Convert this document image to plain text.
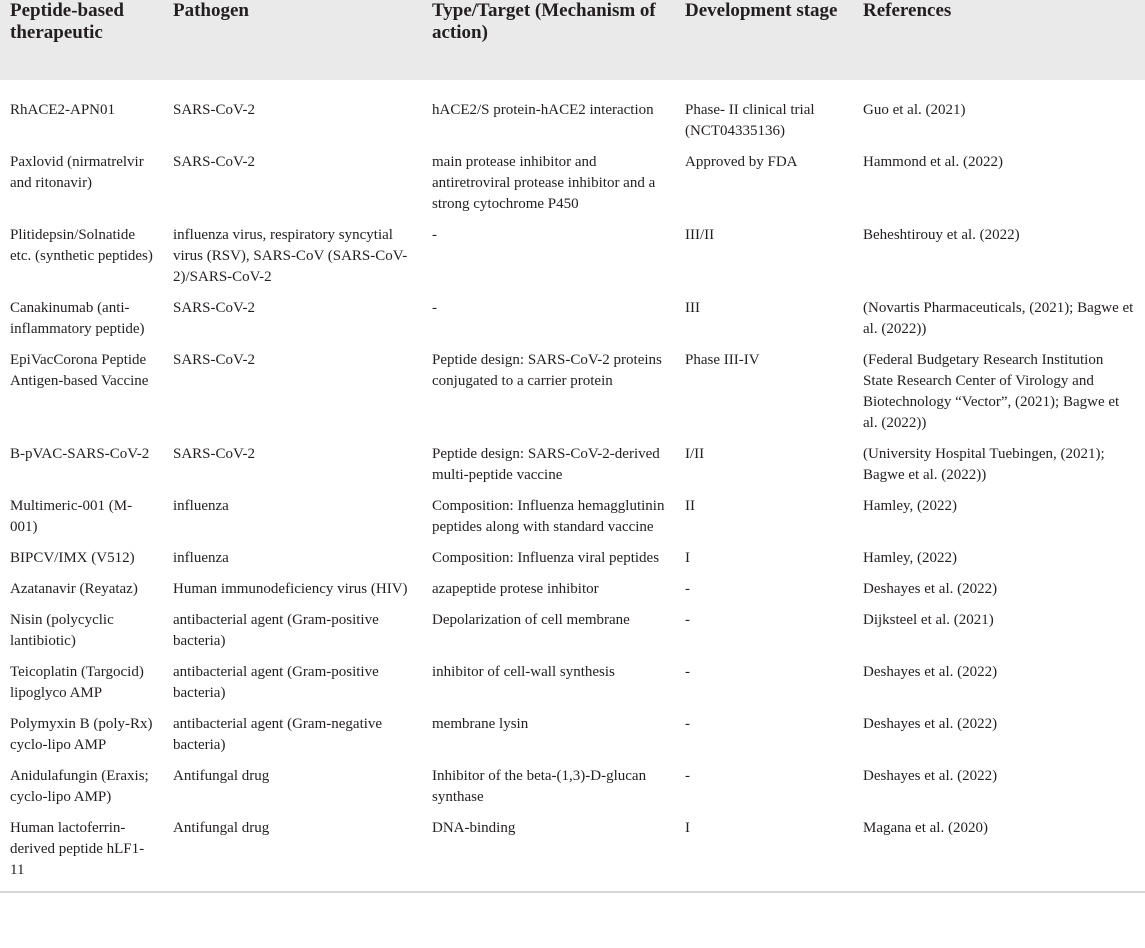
Peptide-based therapeutic	Pathogen	Type/Target (Mechanism of action)	Development stage	References
RhACE2-APN01	SARS-CoV-2	hACE2/S protein-hACE2 interaction	Phase- II clinical trial (NCT04335136)	Guo et al. (2021)
Paxlovid (nirmatrelvir and ritonavir)	SARS-CoV-2	main protease inhibitor and antiretroviral protease inhibitor and a strong cytochrome P450	Approved by FDA	Hammond et al. (2022)
Plitidepsin/Solnatide etc. (synthetic peptides)	influenza virus, respiratory syncytial virus (RSV), SARS-CoV (SARS-CoV-2)/SARS-CoV-2	-	III/II	Beheshtirouy et al. (2022)
Canakinumab (anti-inflammatory peptide)	SARS-CoV-2	-	III	(Novartis Pharmaceuticals, (2021); Bagwe et al. (2022))
EpiVacCorona Peptide Antigen-based Vaccine	SARS-CoV-2	Peptide design: SARS-CoV-2 proteins conjugated to a carrier protein	Phase III-IV	(Federal Budgetary Research Institution State Research Center of Virology and Biotechnology “Vector”, (2021); Bagwe et al. (2022))
B-pVAC-SARS-CoV-2	SARS-CoV-2	Peptide design: SARS-CoV-2-derived multi-peptide vaccine	I/II	(University Hospital Tuebingen, (2021); Bagwe et al. (2022))
Multimeric-001 (M-001)	influenza	Composition: Influenza hemagglutinin peptides along with standard vaccine	II	Hamley, (2022)
BIPCV/IMX (V512)	influenza	Composition: Influenza viral peptides	I	Hamley, (2022)
Azatanavir (Reyataz)	Human immunodeficiency virus (HIV)	azapeptide protese inhibitor	-	Deshayes et al. (2022)
Nisin (polycyclic lantibiotic)	antibacterial agent (Gram-positive bacteria)	Depolarization of cell membrane	-	Dijksteel et al. (2021)
Teicoplatin (Targocid) lipoglyco AMP	antibacterial agent (Gram-positive bacteria)	inhibitor of cell-wall synthesis	-	Deshayes et al. (2022)
Polymyxin B (poly-Rx) cyclo-lipo AMP	antibacterial agent (Gram-negative bacteria)	membrane lysin	-	Deshayes et al. (2022)
Anidulafungin (Eraxis; cyclo-lipo AMP)	Antifungal drug	Inhibitor of the beta-(1,3)-D-glucan synthase	-	Deshayes et al. (2022)
Human lactoferrin-derived peptide hLF1-11	Antifungal drug	DNA-binding	I	Magana et al. (2020)
